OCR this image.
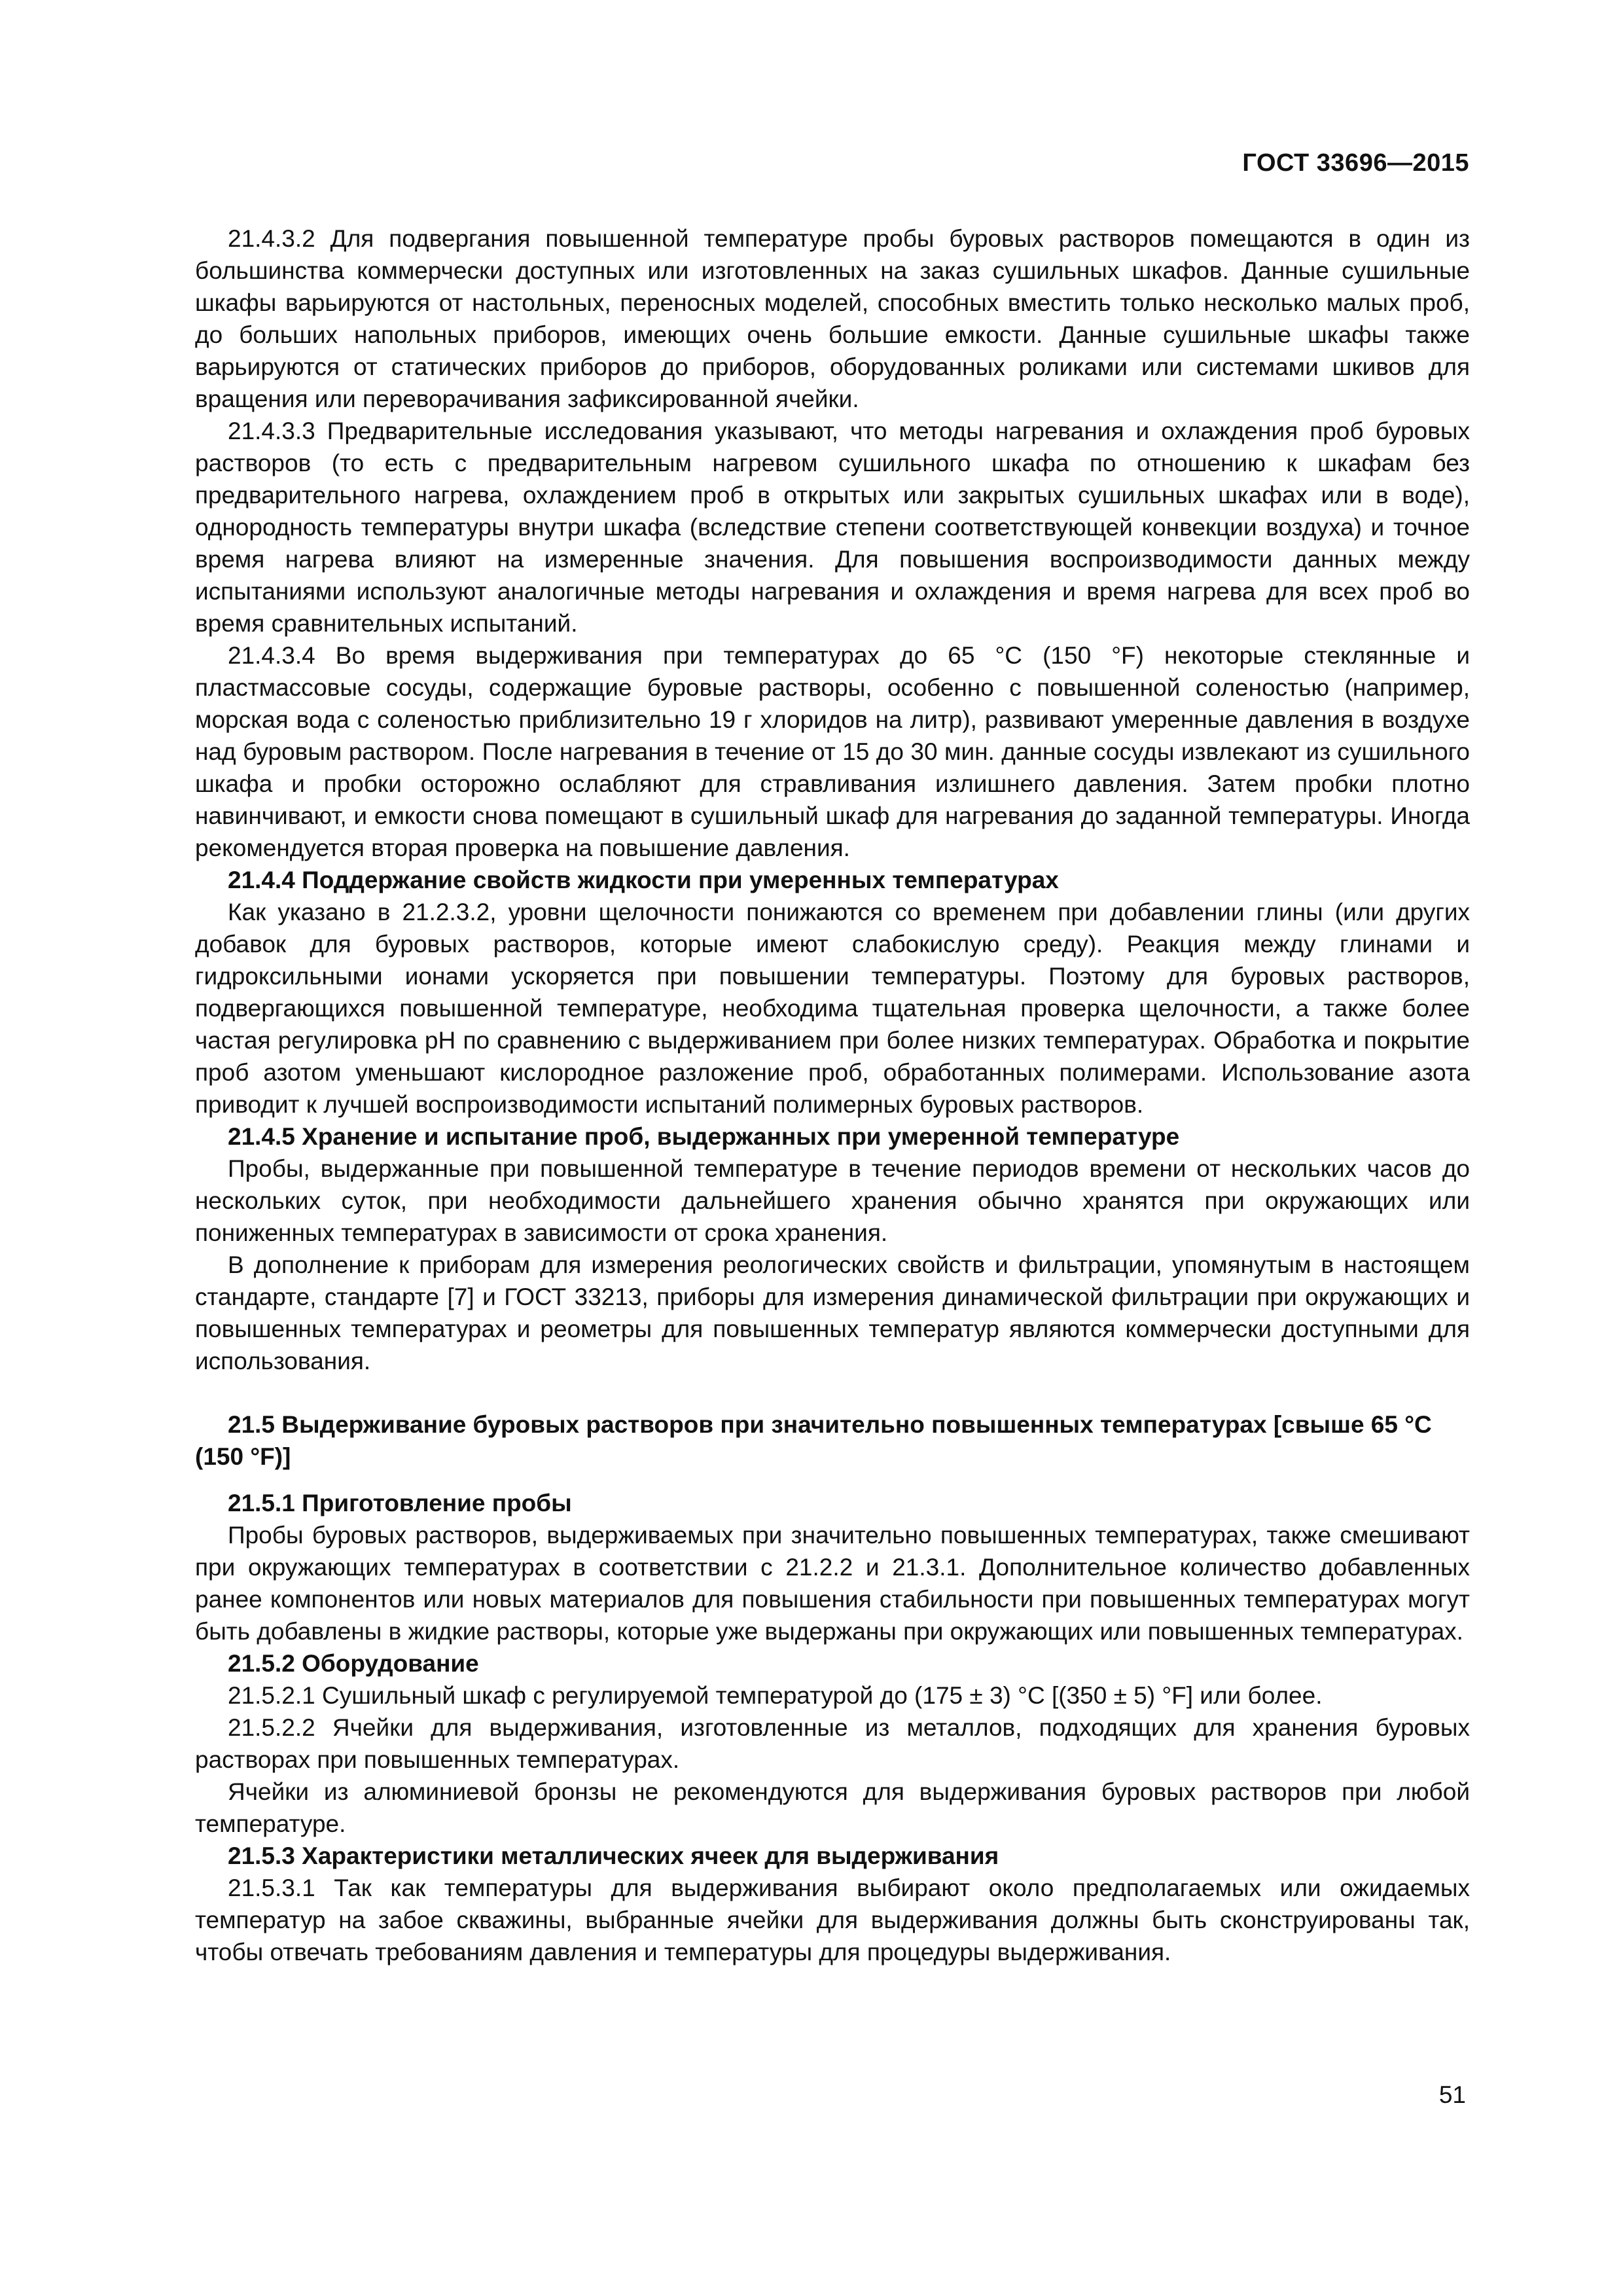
ГОСТ 33696—2015

21.4.3.2 Для подвергания повышенной температуре пробы буровых растворов помещаются в один из большинства коммерчески доступных или изготовленных на заказ сушильных шкафов. Данные сушильные шкафы варьируются от настольных, переносных моделей, способных вместить только несколько малых проб, до больших напольных приборов, имеющих очень большие емкости. Данные сушильные шкафы также варьируются от статических приборов до приборов, оборудованных роликами или системами шкивов для вращения или переворачивания зафиксированной ячейки.

21.4.3.3 Предварительные исследования указывают, что методы нагревания и охлаждения проб буровых растворов (то есть с предварительным нагревом сушильного шкафа по отношению к шкафам без предварительного нагрева, охлаждением проб в открытых или закрытых сушильных шкафах или в воде), однородность температуры внутри шкафа (вследствие степени соответствующей конвекции воздуха) и точное время нагрева влияют на измеренные значения. Для повышения воспроизводимости данных между испытаниями используют аналогичные методы нагревания и охлаждения и время нагрева для всех проб во время сравнительных испытаний.

21.4.3.4 Во время выдерживания при температурах до 65 °С (150 °F) некоторые стеклянные и пластмассовые сосуды, содержащие буровые растворы, особенно с повышенной соленостью (например, морская вода с соленостью приблизительно 19 г хлоридов на литр), развивают умеренные давления в воздухе над буровым раствором. После нагревания в течение от 15 до 30 мин. данные сосуды извлекают из сушильного шкафа и пробки осторожно ослабляют для стравливания излишнего давления. Затем пробки плотно навинчивают, и емкости снова помещают в сушильный шкаф для нагревания до заданной температуры. Иногда рекомендуется вторая проверка на повышение давления.

21.4.4 Поддержание свойств жидкости при умеренных температурах

Как указано в 21.2.3.2, уровни щелочности понижаются со временем при добавлении глины (или других добавок для буровых растворов, которые имеют слабокислую среду). Реакция между глинами и гидроксильными ионами ускоряется при повышении температуры. Поэтому для буровых растворов, подвергающихся повышенной температуре, необходима тщательная проверка щелочности, а также более частая регулировка рН по сравнению с выдерживанием при более низких температурах. Обработка и покрытие проб азотом уменьшают кислородное разложение проб, обработанных полимерами. Использование азота приводит к лучшей воспроизводимости испытаний полимерных буровых растворов.

21.4.5 Хранение и испытание проб, выдержанных при умеренной температуре

Пробы, выдержанные при повышенной температуре в течение периодов времени от нескольких часов до нескольких суток, при необходимости дальнейшего хранения обычно хранятся при окружающих или пониженных температурах в зависимости от срока хранения.

В дополнение к приборам для измерения реологических свойств и фильтрации, упомянутым в настоящем стандарте, стандарте [7] и ГОСТ 33213, приборы для измерения динамической фильтрации при окружающих и повышенных температурах и реометры для повышенных температур являются коммерчески доступными для использования.

21.5 Выдерживание буровых растворов при значительно повышенных температурах [свыше 65 °С (150 °F)]

21.5.1 Приготовление пробы

Пробы буровых растворов, выдерживаемых при значительно повышенных температурах, также смешивают при окружающих температурах в соответствии с 21.2.2 и 21.3.1. Дополнительное количество добавленных ранее компонентов или новых материалов для повышения стабильности при повышенных температурах могут быть добавлены в жидкие растворы, которые уже выдержаны при окружающих или повышенных температурах.

21.5.2 Оборудование

21.5.2.1 Сушильный шкаф с регулируемой температурой до (175 ± 3) °С [(350 ± 5) °F] или более.

21.5.2.2 Ячейки для выдерживания, изготовленные из металлов, подходящих для хранения буровых растворах при повышенных температурах.

Ячейки из алюминиевой бронзы не рекомендуются для выдерживания буровых растворов при любой температуре.

21.5.3 Характеристики металлических ячеек для выдерживания

21.5.3.1 Так как температуры для выдерживания выбирают около предполагаемых или ожидаемых температур на забое скважины, выбранные ячейки для выдерживания должны быть сконструированы так, чтобы отвечать требованиям давления и температуры для процедуры выдерживания.

51
